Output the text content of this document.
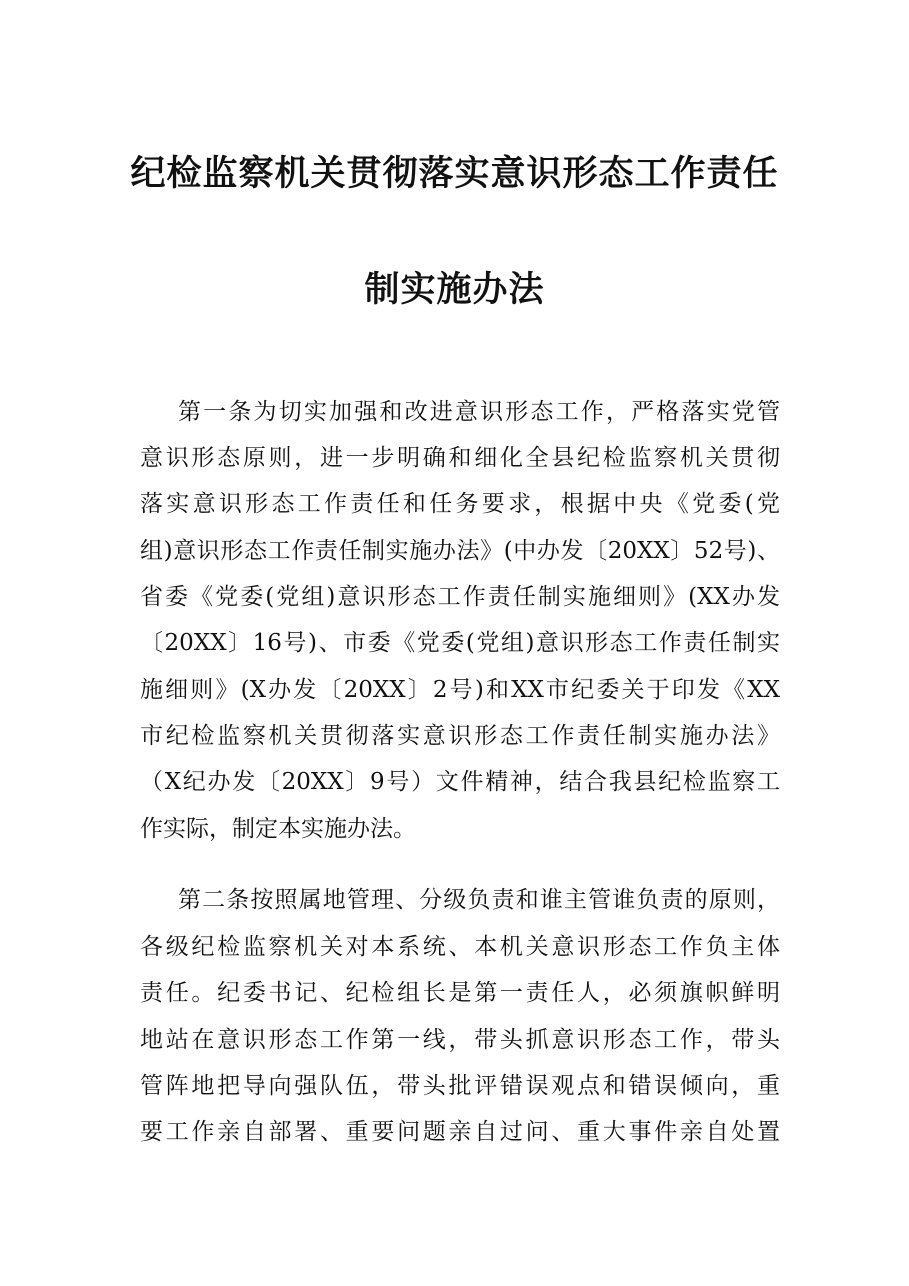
纪检监察机关贯彻落实意识形态工作责任
制实施办法
第一条为切实加强和改进意识形态工作，严格落实党管
意识形态原则，进一步明确和细化全县纪检监察机关贯彻
落实意识形态工作责任和任务要求，根据中央《党委(党
组)意识形态工作责任制实施办法》(中办发〔20XX〕52号)、
省委《党委(党组)意识形态工作责任制实施细则》(XX办发
〔20XX〕16号)、市委《党委(党组)意识形态工作责任制实
施细则》(X办发〔20XX〕2号)和XX市纪委关于印发《XX
市纪检监察机关贯彻落实意识形态工作责任制实施办法》
（X纪办发〔20XX〕9号）文件精神，结合我县纪检监察工
作实际，制定本实施办法。
第二条按照属地管理、分级负责和谁主管谁负责的原则，
各级纪检监察机关对本系统、本机关意识形态工作负主体
责任。纪委书记、纪检组长是第一责任人，必须旗帜鲜明
地站在意识形态工作第一线，带头抓意识形态工作，带头
管阵地把导向强队伍，带头批评错误观点和错误倾向，重
要工作亲自部署、重要问题亲自过问、重大事件亲自处置
